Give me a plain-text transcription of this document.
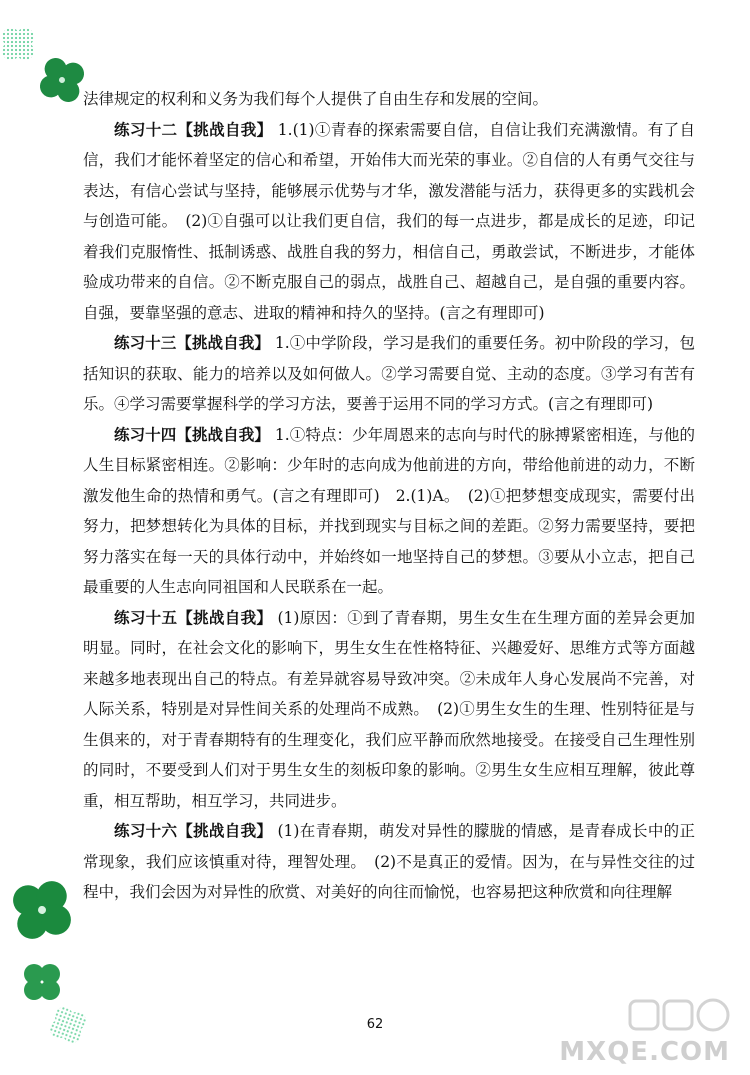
法律规定的权利和义务为我们每个人提供了自由生存和发展的空间。

练习十二【挑战自我】 1.(1)①青春的探索需要自信，自信让我们充满激情。有了自信，我们才能怀着坚定的信心和希望，开始伟大而光荣的事业。②自信的人有勇气交往与表达，有信心尝试与坚持，能够展示优势与才华，激发潜能与活力，获得更多的实践机会与创造可能。　(2)①自强可以让我们更自信，我们的每一点进步，都是成长的足迹，印记着我们克服惰性、抵制诱惑、战胜自我的努力，相信自己，勇敢尝试，不断进步，才能体验成功带来的自信。②不断克服自己的弱点，战胜自己、超越自己，是自强的重要内容。自强，要靠坚强的意志、进取的精神和持久的坚持。(言之有理即可)

练习十三【挑战自我】 1.①中学阶段，学习是我们的重要任务。初中阶段的学习，包括知识的获取、能力的培养以及如何做人。②学习需要自觉、主动的态度。③学习有苦有乐。④学习需要掌握科学的学习方法，要善于运用不同的学习方式。(言之有理即可)

练习十四【挑战自我】 1.①特点：少年周恩来的志向与时代的脉搏紧密相连，与他的人生目标紧密相连。②影响：少年时的志向成为他前进的方向，带给他前进的动力，不断激发他生命的热情和勇气。(言之有理即可)　2.(1)A。　(2)①把梦想变成现实，需要付出努力，把梦想转化为具体的目标，并找到现实与目标之间的差距。②努力需要坚持，要把努力落实在每一天的具体行动中，并始终如一地坚持自己的梦想。③要从小立志，把自己最重要的人生志向同祖国和人民联系在一起。

练习十五【挑战自我】 (1)原因：①到了青春期，男生女生在生理方面的差异会更加明显。同时，在社会文化的影响下，男生女生在性格特征、兴趣爱好、思维方式等方面越来越多地表现出自己的特点。有差异就容易导致冲突。②未成年人身心发展尚不完善，对人际关系，特别是对异性间关系的处理尚不成熟。　(2)①男生女生的生理、性别特征是与生俱来的，对于青春期特有的生理变化，我们应平静而欣然地接受。在接受自己生理性别的同时，不要受到人们对于男生女生的刻板印象的影响。②男生女生应相互理解，彼此尊重，相互帮助，相互学习，共同进步。

练习十六【挑战自我】 (1)在青春期，萌发对异性的朦胧的情感，是青春成长中的正常现象，我们应该慎重对待，理智处理。　(2)不是真正的爱情。因为，在与异性交往的过程中，我们会因为对异性的欣赏、对美好的向往而愉悦，也容易把这种欣赏和向往理解

62
MXQE.COM
